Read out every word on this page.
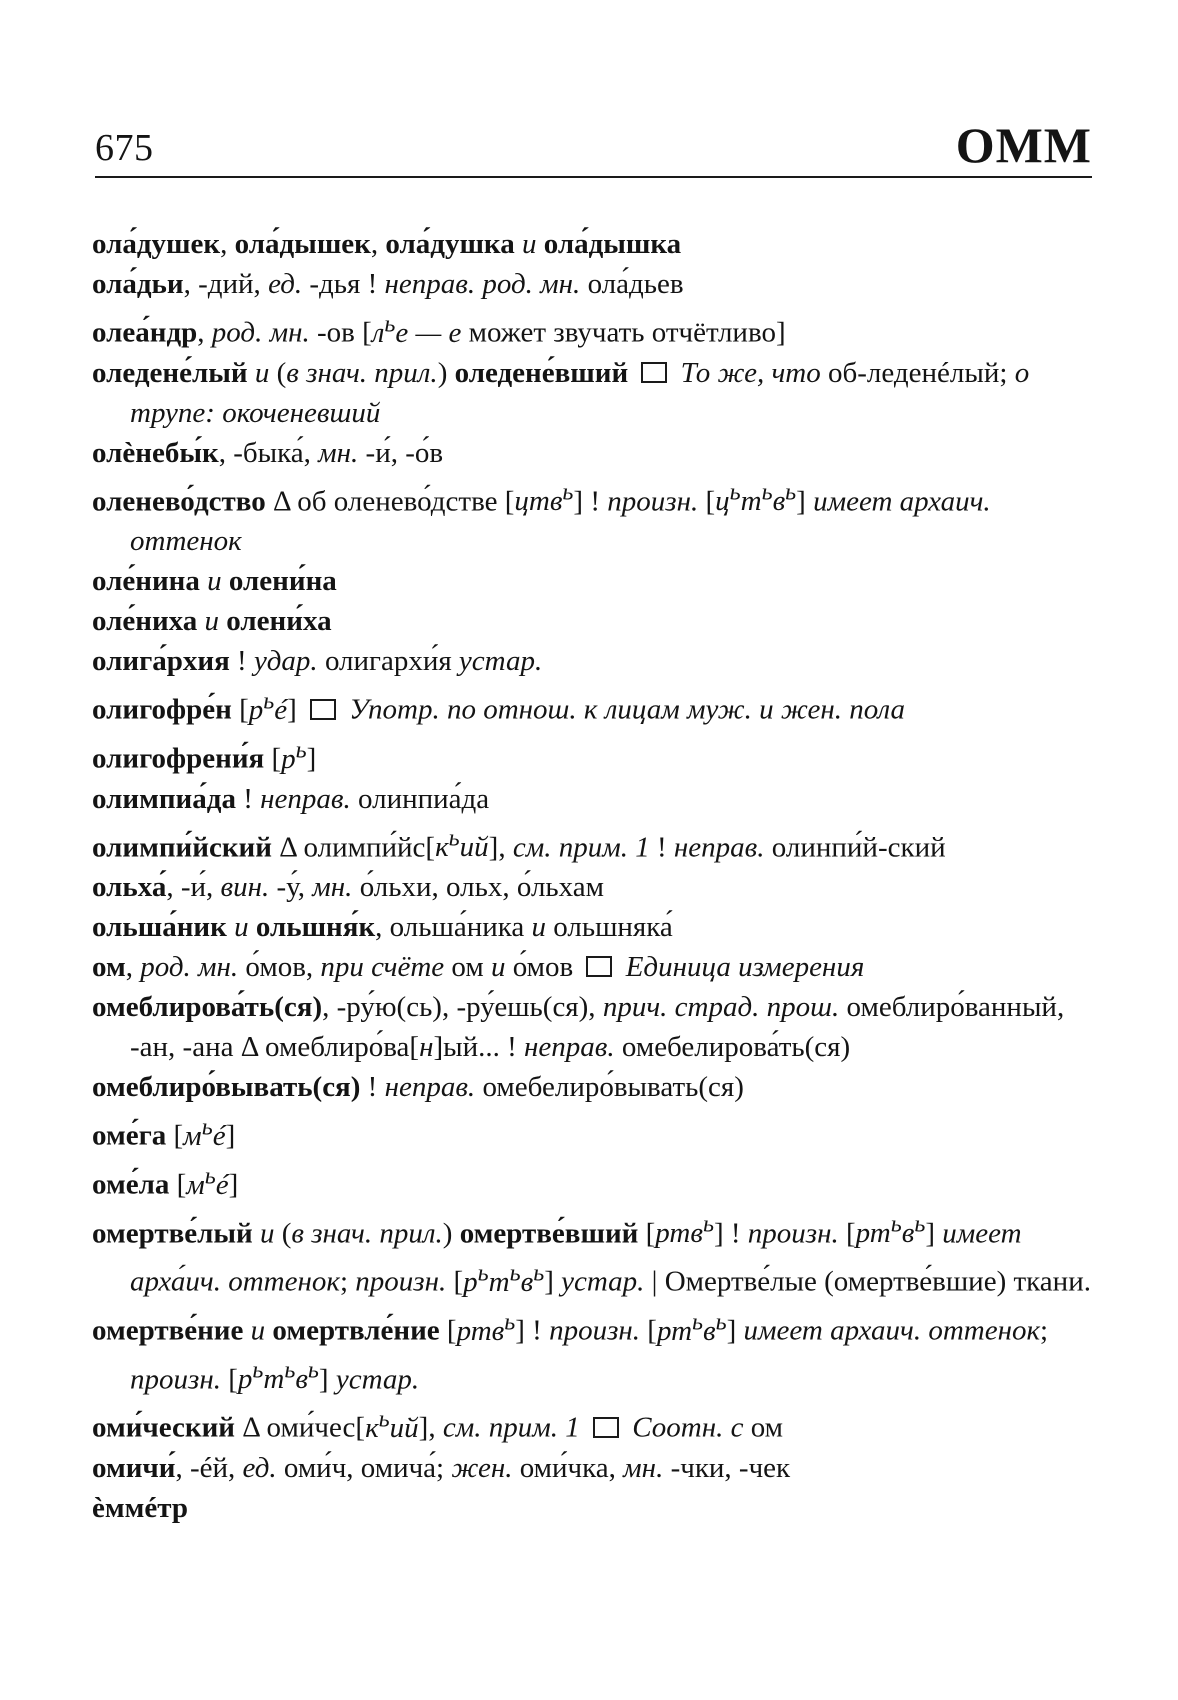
675	ОММ

ола́душек, ола́дышек, ола́душка и ола́дышка

ола́дьи, -дий, ед. -дья ! неправ. род. мн. ола́дьев

олеа́ндр, род. мн. -ов [$л^ье$ — е может звучать отчётливо]

оледене́лый и (в знач. прил.) оледене́вший То же, что об-леденéлый; о трупе: окоченевший

олѐнебы́к, -быка́, мн. -и́, -о́в

оленево́дство Δ об оленево́дстве [цтв$^ь$] ! произн. $[ц^ьт^ьв^ь]$ имеет архаич. оттенок

оле́нина и олени́на

оле́ниха и олени́ха

олига́рхия ! удар. олигархи́я устар.

олигофре́н $[р^ьé]$  Употр. по отнош. к лицам муж. и жен. пола

олигофрени́я $[р^ь]$

олимпиа́да ! неправ. олинпиа́да

олимпи́йский Δ $олимпи́йс[к^ьий]$, см. прим. 1 ! неправ. олинпи́й-ский

ольха́, -и́, вин. -у́, мн. о́льхи, ольх, о́льхам

ольша́ник и ольшня́к, ольша́ника и ольшняка́

ом, род. мн. о́мов, при счёте ом и о́мов  Единица измерения

омеблирова́ть(ся), -ру́ю(сь), -ру́ешь(ся), прич. страд. прош. омеблиро́ванный, -ан, -ана Δ омеблиро́ва[н]ый... ! неправ. омебелирова́ть(ся)

омеблиро́вывать(ся) ! неправ. омебелиро́вывать(ся)

оме́га $[м^ьé]$

оме́ла $[м^ьé]$

омертве́лый и (в знач. прил.) омертве́вший [ртв$^ь$] ! произн. $[рт^ьв^ь]$ имеет арха́ич. оттенок; произн. $[р^ьт^ьв^ь]$ устар. | Омертве́лые (омертве́вшие) ткани.

омертве́ние и омертвле́ние [ртв$^ь$] ! произн. $[рт^ьв^ь]$ имеет архаич. оттенок; произн. $[р^ьт^ьв^ь]$ устар.

оми́ческий Δ $оми́чес[к^ьий]$, см. прим. 1 Соотн. с ом

омичи́, -éй, ед. оми́ч, омича́; жен. оми́чка, мн. -чки, -чек

ѐммéтр
